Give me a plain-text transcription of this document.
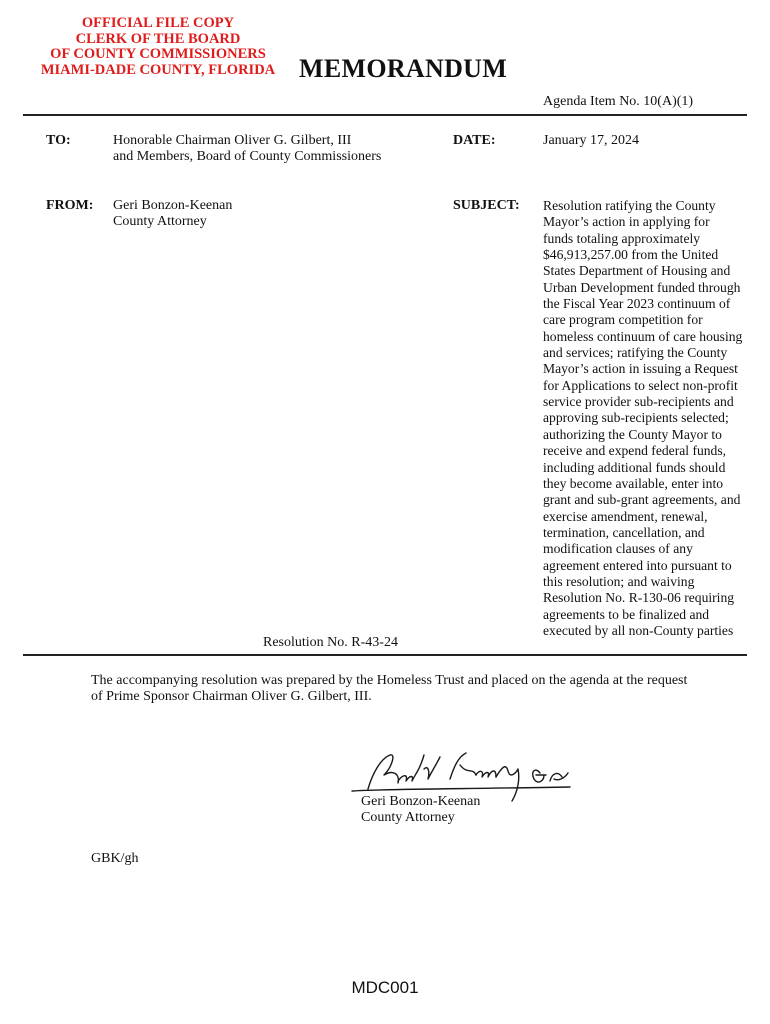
OFFICIAL FILE COPY
CLERK OF THE BOARD
OF COUNTY COMMISSIONERS
MIAMI-DADE COUNTY, FLORIDA MEMORANDUM
Agenda Item No. 10(A)(1)
TO:	Honorable Chairman Oliver G. Gilbert, III
and Members, Board of County Commissioners
DATE:	January 17, 2024
FROM: Geri Bonzon-Keenan
County Attorney
SUBJECT: Resolution ratifying the County
Mayor’s action in applying for
funds totaling approximately
$46,913,257.00 from the United
States Department of Housing and
Urban Development funded through
the Fiscal Year 2023 continuum of
care program competition for
homeless continuum of care housing
and services; ratifying the County
Mayor’s action in issuing a Request
for Applications to select non-profit
service provider sub-recipients and
approving sub-recipients selected;
authorizing the County Mayor to
receive and expend federal funds,
including additional funds should
they become available, enter into
grant and sub-grant agreements, and
exercise amendment, renewal,
termination, cancellation, and
modification clauses of any
agreement entered into pursuant to
this resolution; and waiving
Resolution No. R-130-06 requiring
agreements to be finalized and
executed by all non-County parties
Resolution No. R-43-24
The accompanying resolution was prepared by the Homeless Trust and placed on the agenda at the request
of Prime Sponsor Chairman Oliver G. Gilbert, III.
Geri Bonzon-Keenan
County Attorney
GBK/gh
MDC001
